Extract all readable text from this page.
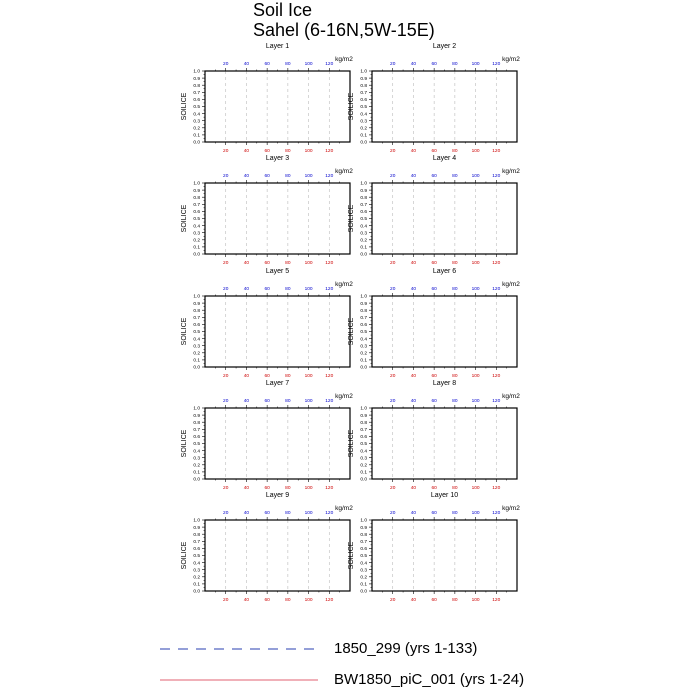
Soil Ice
Sahel (6-16N,5W-15E)
Layer 1
0.0
0.1
0.2
0.3
0.4
0.5
0.6
0.7
0.8
0.9
1.0
SOILICE
20	40	60	80	100	120
kg/m2
20	40	60	80	100	120
Layer 2
0.0
0.1
0.2
0.3
0.4
0.5
0.6
0.7
0.8
0.9
1.0
SOILICE
20	40	60	80	100	120
kg/m2
20	40	60	80	100	120
Layer 3
0.0
0.1
0.2
0.3
0.4
0.5
0.6
0.7
0.8
0.9
1.0
SOILICE
20	40	60	80	100	120
kg/m2
20	40	60	80	100	120
Layer 4
0.0
0.1
0.2
0.3
0.4
0.5
0.6
0.7
0.8
0.9
1.0
SOILICE
20	40	60	80	100	120
kg/m2
20	40	60	80	100	120
Layer 5
0.0
0.1
0.2
0.3
0.4
0.5
0.6
0.7
0.8
0.9
1.0
SOILICE
20	40	60	80	100	120
kg/m2
20	40	60	80	100	120
Layer 6
0.0
0.1
0.2
0.3
0.4
0.5
0.6
0.7
0.8
0.9
1.0
SOILICE
20	40	60	80	100	120
kg/m2
20	40	60	80	100	120
Layer 7
0.0
0.1
0.2
0.3
0.4
0.5
0.6
0.7
0.8
0.9
1.0
SOILICE
20	40	60	80	100	120
kg/m2
20	40	60	80	100	120
Layer 8
0.0
0.1
0.2
0.3
0.4
0.5
0.6
0.7
0.8
0.9
1.0
SOILICE
20	40	60	80	100	120
kg/m2
20	40	60	80	100	120
Layer 9
0.0
0.1
0.2
0.3
0.4
0.5
0.6
0.7
0.8
0.9
1.0
SOILICE
20	40	60	80	100	120
kg/m2
20	40	60	80	100	120
Layer 10
0.0
0.1
0.2
0.3
0.4
0.5
0.6
0.7
0.8
0.9
1.0
SOILICE
20	40	60	80	100	120
kg/m2
20	40	60	80	100	120
1850_299 (yrs 1-133)
BW1850_piC_001 (yrs 1-24)
